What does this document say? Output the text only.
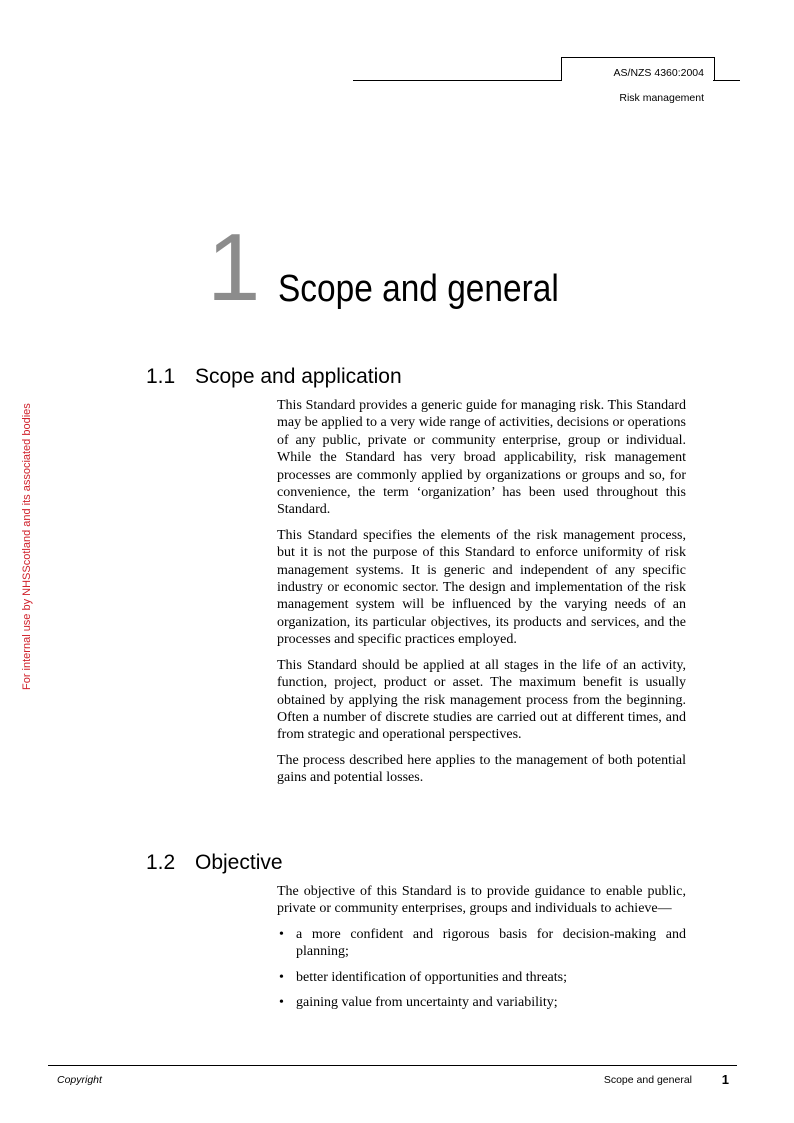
AS/NZS 4360:2004
Risk management
For internal use by NHSScotland and its associated bodies
1 Scope and general
1.1 Scope and application

This Standard provides a generic guide for managing risk. This Standard may be applied to a very wide range of activities, decisions or operations of any public, private or community enterprise, group or individual. While the Standard has very broad applicability, risk management processes are commonly applied by organizations or groups and so, for convenience, the term ‘organization’ has been used throughout this Standard.

This Standard specifies the elements of the risk management process, but it is not the purpose of this Standard to enforce uniformity of risk management systems. It is generic and independent of any specific industry or economic sector. The design and implementation of the risk management system will be influenced by the varying needs of an organization, its particular objectives, its products and services, and the processes and specific practices employed.

This Standard should be applied at all stages in the life of an activity, function, project, product or asset. The maximum benefit is usually obtained by applying the risk management process from the beginning. Often a number of discrete studies are carried out at different times, and from strategic and operational perspectives.

The process described here applies to the management of both potential gains and potential losses.

1.2 Objective

The objective of this Standard is to provide guidance to enable public, private or community enterprises, groups and individuals to achieve—

• a more confident and rigorous basis for decision-making and planning;
• better identification of opportunities and threats;
• gaining value from uncertainty and variability;
Copyright	Scope and general 1
